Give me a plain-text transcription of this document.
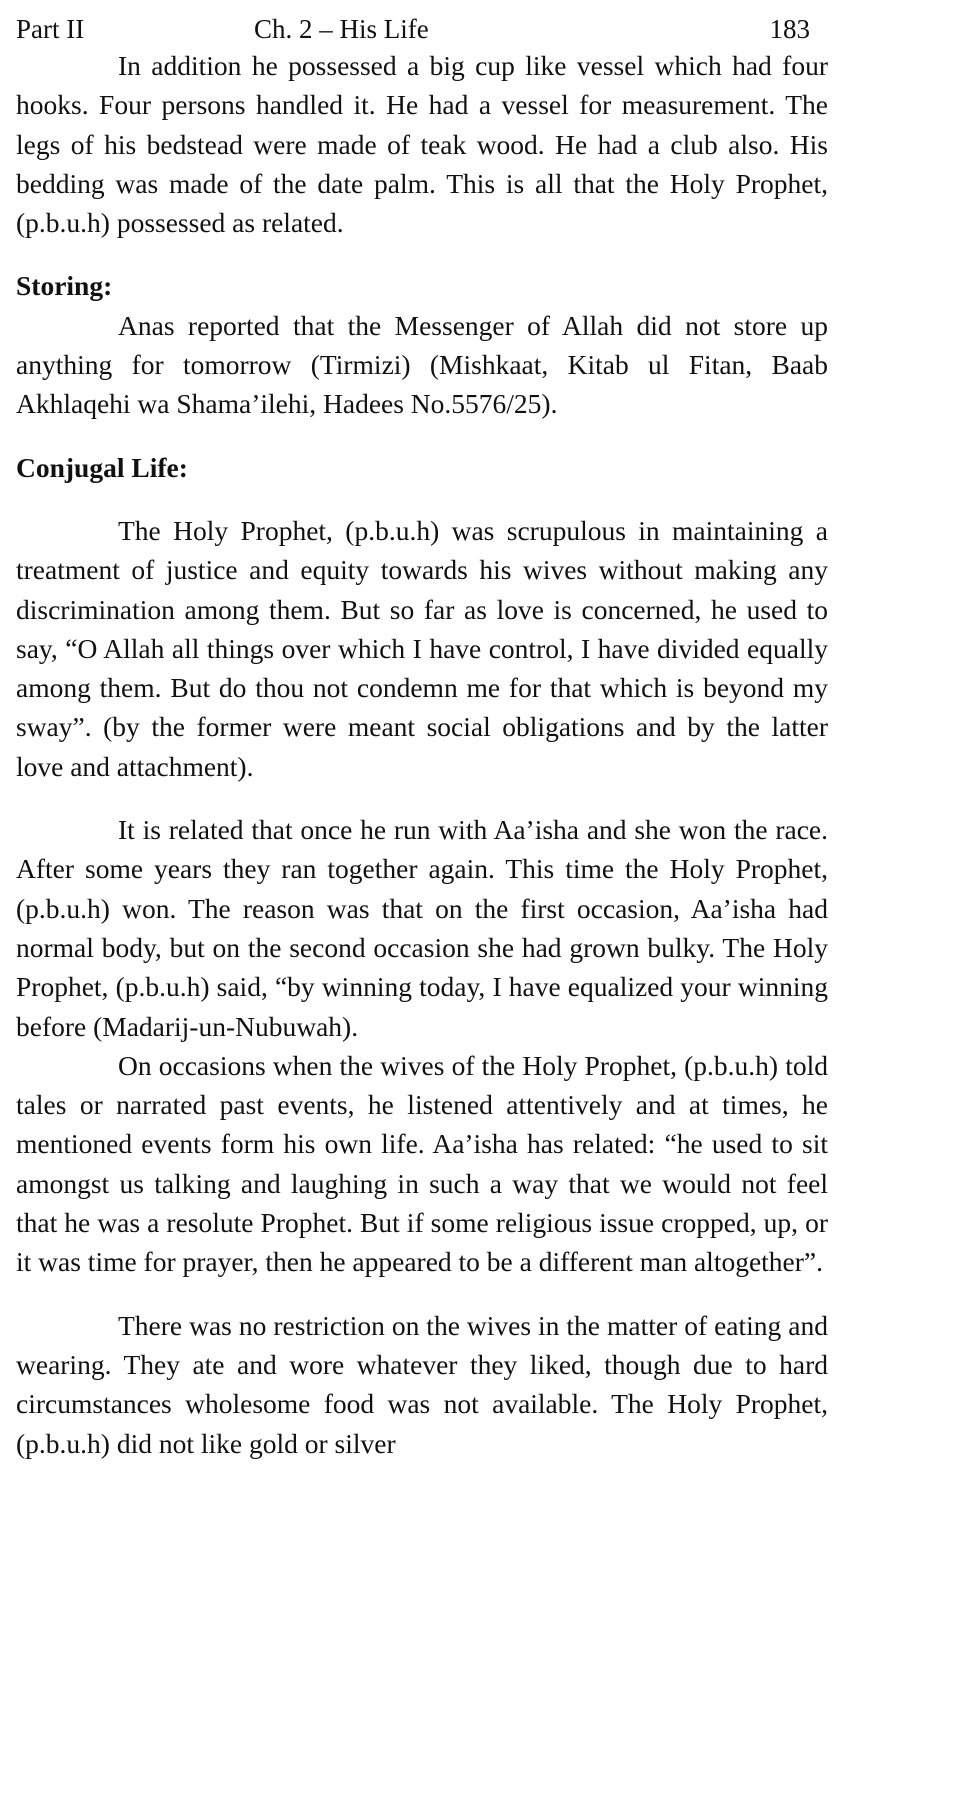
Part II	Ch. 2 – His Life	183

In addition he possessed a big cup like vessel which had four hooks. Four persons handled it. He had a vessel for measurement. The legs of his bedstead were made of teak wood. He had a club also. His bedding was made of the date palm. This is all that the Holy Prophet, (p.b.u.h) possessed as related.

Storing:

Anas reported that the Messenger of Allah did not store up anything for tomorrow (Tirmizi) (Mishkaat, Kitab ul Fitan, Baab Akhlaqehi wa Shama’ilehi, Hadees No.5576/25).

Conjugal Life:

The Holy Prophet, (p.b.u.h) was scrupulous in maintaining a treatment of justice and equity towards his wives without making any discrimination among them. But so far as love is concerned, he used to say, “O Allah all things over which I have control, I have divided equally among them. But do thou not condemn me for that which is beyond my sway”. (by the former were meant social obligations and by the latter love and attachment).

It is related that once he run with Aa’isha and she won the race. After some years they ran together again. This time the Holy Prophet, (p.b.u.h) won. The reason was that on the first occasion, Aa’isha had normal body, but on the second occasion she had grown bulky. The Holy Prophet, (p.b.u.h) said, “by winning today, I have equalized your winning before (Madarij-un-Nubuwah).

On occasions when the wives of the Holy Prophet, (p.b.u.h) told tales or narrated past events, he listened attentively and at times, he mentioned events form his own life. Aa’isha has related: “he used to sit amongst us talking and laughing in such a way that we would not feel that he was a resolute Prophet. But if some religious issue cropped, up, or it was time for prayer, then he appeared to be a different man altogether”.

There was no restriction on the wives in the matter of eating and wearing. They ate and wore whatever they liked, though due to hard circumstances wholesome food was not available. The Holy Prophet, (p.b.u.h) did not like gold or silver
